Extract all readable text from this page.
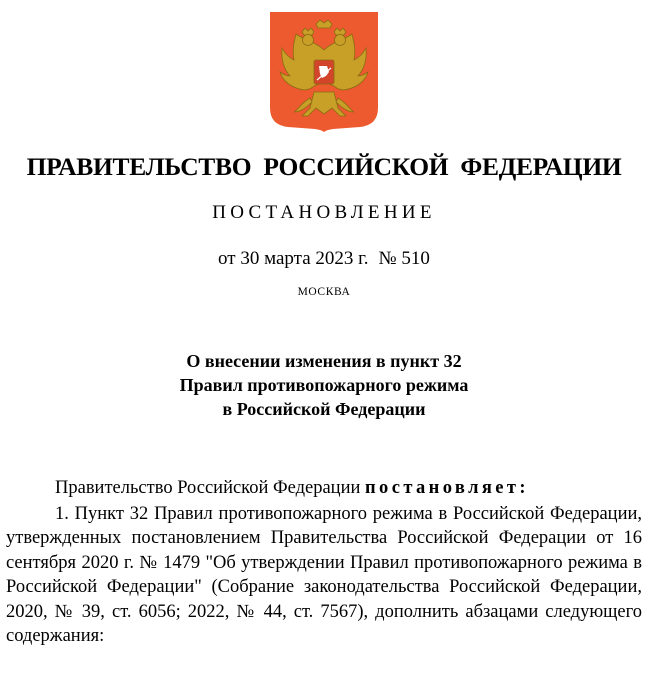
ПРАВИТЕЛЬСТВО РОССИЙСКОЙ ФЕДЕРАЦИИ
ПОСТАНОВЛЕНИЕ
от 30 марта 2023 г. № 510
МОСКВА
О внесении изменения в пункт 32
Правил противопожарного режима
в Российской Федерации
Правительство Российской Федерации постановляет:
1. Пункт 32 Правил противопожарного режима в Российской Федерации, утвержденных постановлением Правительства Российской Федерации от 16 сентября 2020 г. № 1479 "Об утверждении Правил противопожарного режима в Российской Федерации" (Собрание законодательства Российской Федерации, 2020, № 39, ст. 6056; 2022, № 44, ст. 7567), дополнить абзацами следующего содержания:
